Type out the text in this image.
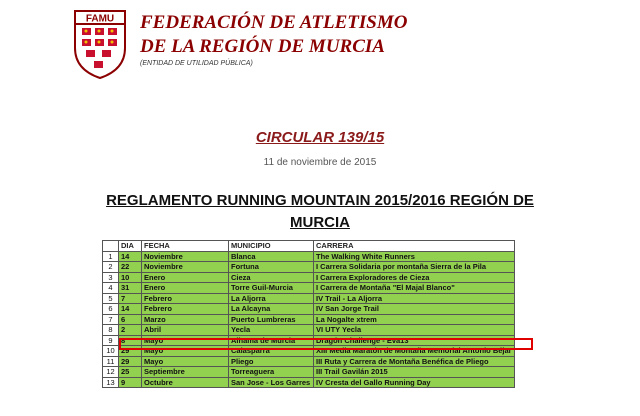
FAMU FEDERACIÓN DE ATLETISMO
DE LA REGIÓN DE MURCIA
(ENTIDAD DE UTILIDAD PÚBLICA)
CIRCULAR 139/15
11 de noviembre de 2015
REGLAMENTO RUNNING MOUNTAIN 2015/2016 REGIÓN DE
MURCIA
	DIA	FECHA	MUNICIPIO	CARRERA
1	14	Noviembre	Blanca	The Walking White Runners
2	22	Noviembre	Fortuna	I Carrera Solidaria por montaña Sierra de la Pila
3	10	Enero	Cieza	I Carrera Exploradores de Cieza
4	31	Enero	Torre Guil-Murcia	I Carrera de Montaña "El Majal Blanco"
5	7	Febrero	La Aljorra	IV Trail - La Aljorra
6	14	Febrero	La Alcayna	IV San Jorge Trail
7	6	Marzo	Puerto Lumbreras	La Nogalte xtrem
8	2	Abril	Yecla	VI UTY Yecla
9	8	Mayo	Alhama de Murcia	Dragón Challenge - Eva13
10	29	Mayo	Calasparra	XIII Media Maratón de Montaña Memorial Antonio Béjar
11	29	Mayo	Pliego	III Ruta y Carrera de Montaña Benéfica de Pliego
12	25	Septiembre	Torreaguera	III Trail Gavilán 2015
13	9	Octubre	San Jose - Los Garres	IV Cresta del Gallo Running Day
